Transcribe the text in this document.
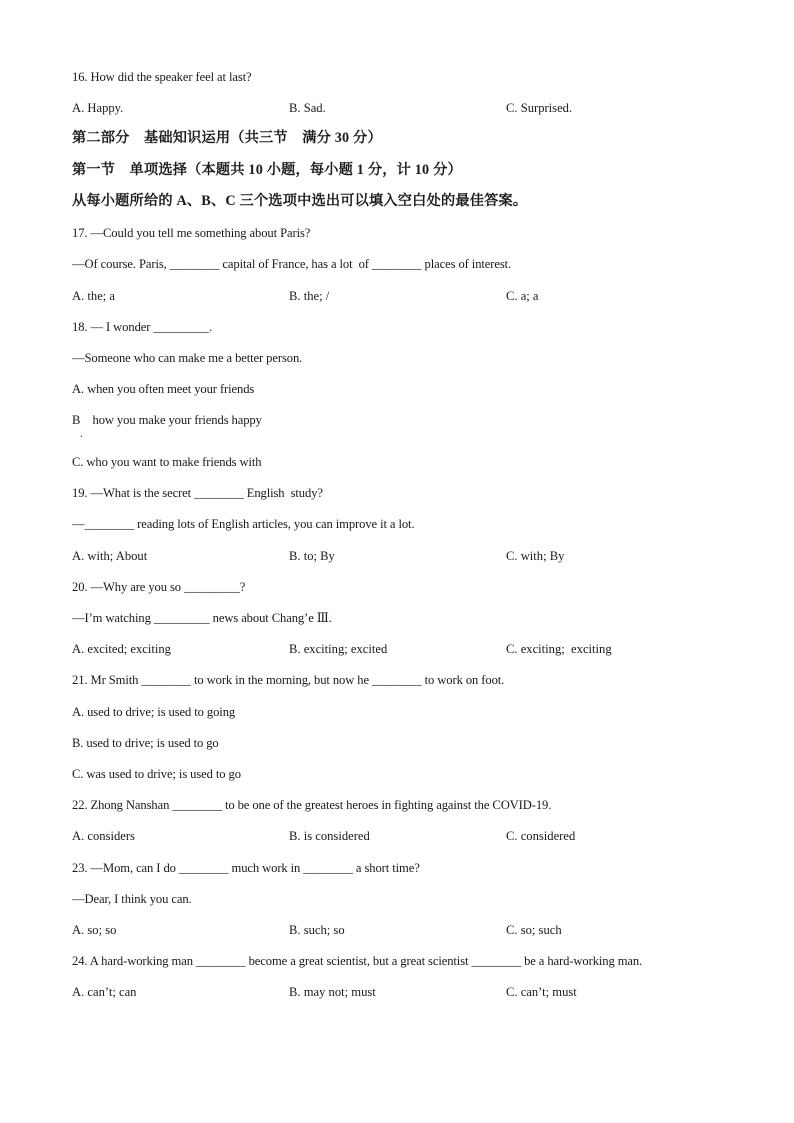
16. How did the speaker feel at last?
A. Happy.	B. Sad.	C. Surprised.
第二部分　基础知识运用（共三节　满分 30 分）
第一节　单项选择（本题共 10 小题，每小题 1 分，计 10 分）
从每小题所给的 A、B、C 三个选项中选出可以填入空白处的最佳答案。
17. —Could you tell me something about Paris?
—Of course. Paris, ________ capital of France, has a lot  of ________ places of interest.
A. the; a	B. the; /	C. a; a
18. — I wonder _________.
—Someone who can make me a better person.
A. when you often meet your friends
B    how you make your friends happy
.
C. who you want to make friends with
19. —What is the secret ________ English  study?
—________ reading lots of English articles, you can improve it a lot.
A. with; About	B. to; By	C. with; By
20. —Why are you so _________?
—I’m watching _________ news about Chang’e Ⅲ.
A. excited; exciting	B. exciting; excited	C. exciting;  exciting
21. Mr Smith ________ to work in the morning, but now he ________ to work on foot.
A. used to drive; is used to going
B. used to drive; is used to go
C. was used to drive; is used to go
22. Zhong Nanshan ________ to be one of the greatest heroes in fighting against the COVID-19.
A. considers	B. is considered	C. considered
23. —Mom, can I do ________ much work in ________ a short time?
—Dear, I think you can.
A. so; so	B. such; so	C. so; such
24. A hard-working man ________ become a great scientist, but a great scientist ________ be a hard-working man.
A. can’t; can	B. may not; must	C. can’t; must
